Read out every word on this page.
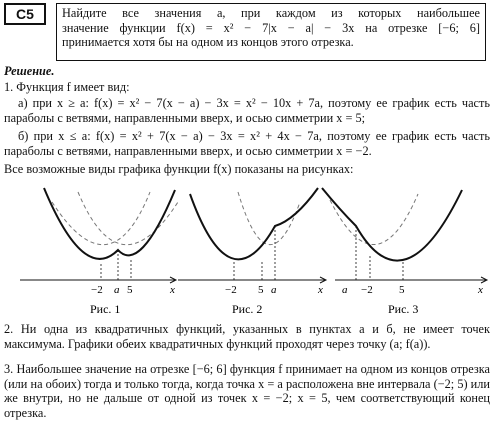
C5	Найдите все значения a, при каждом из которых наибольшее
значение функции f(x) = x² − 7|x − a| − 3x на отрезке [−6; 6]
принимается хотя бы на одном из концов этого отрезка.
Решение.
1. Функция f имеет вид:
а) при x ≥ a: f(x) = x² − 7(x − a) − 3x = x² − 10x + 7a, поэтому ее график есть часть параболы с ветвями, направленными вверх, и осью симметрии x = 5;
б) при x ≤ a: f(x) = x² + 7(x − a) − 3x = x² + 4x − 7a, поэтому ее график есть часть параболы с ветвями, направленными вверх, и осью симметрии x = −2.
Все возможные виды графика функции f(x) показаны на рисунках:
−2 a 5	x
Рис. 1
−2 5 a	x
Рис. 2
a −2 5	x
Рис. 3
2. Ни одна из квадратичных функций, указанных в пунктах а и б, не имеет точек максимума. Графики обеих квадратичных функций проходят через точку (a; f(a)).
3. Наибольшее значение на отрезке [−6; 6] функция f принимает на одном из концов отрезка (или на обоих) тогда и только тогда, когда точка x = a расположена вне интервала (−2; 5) или же внутри, но не дальше от одной из точек x = −2; x = 5, чем соответствующий конец отрезка.
